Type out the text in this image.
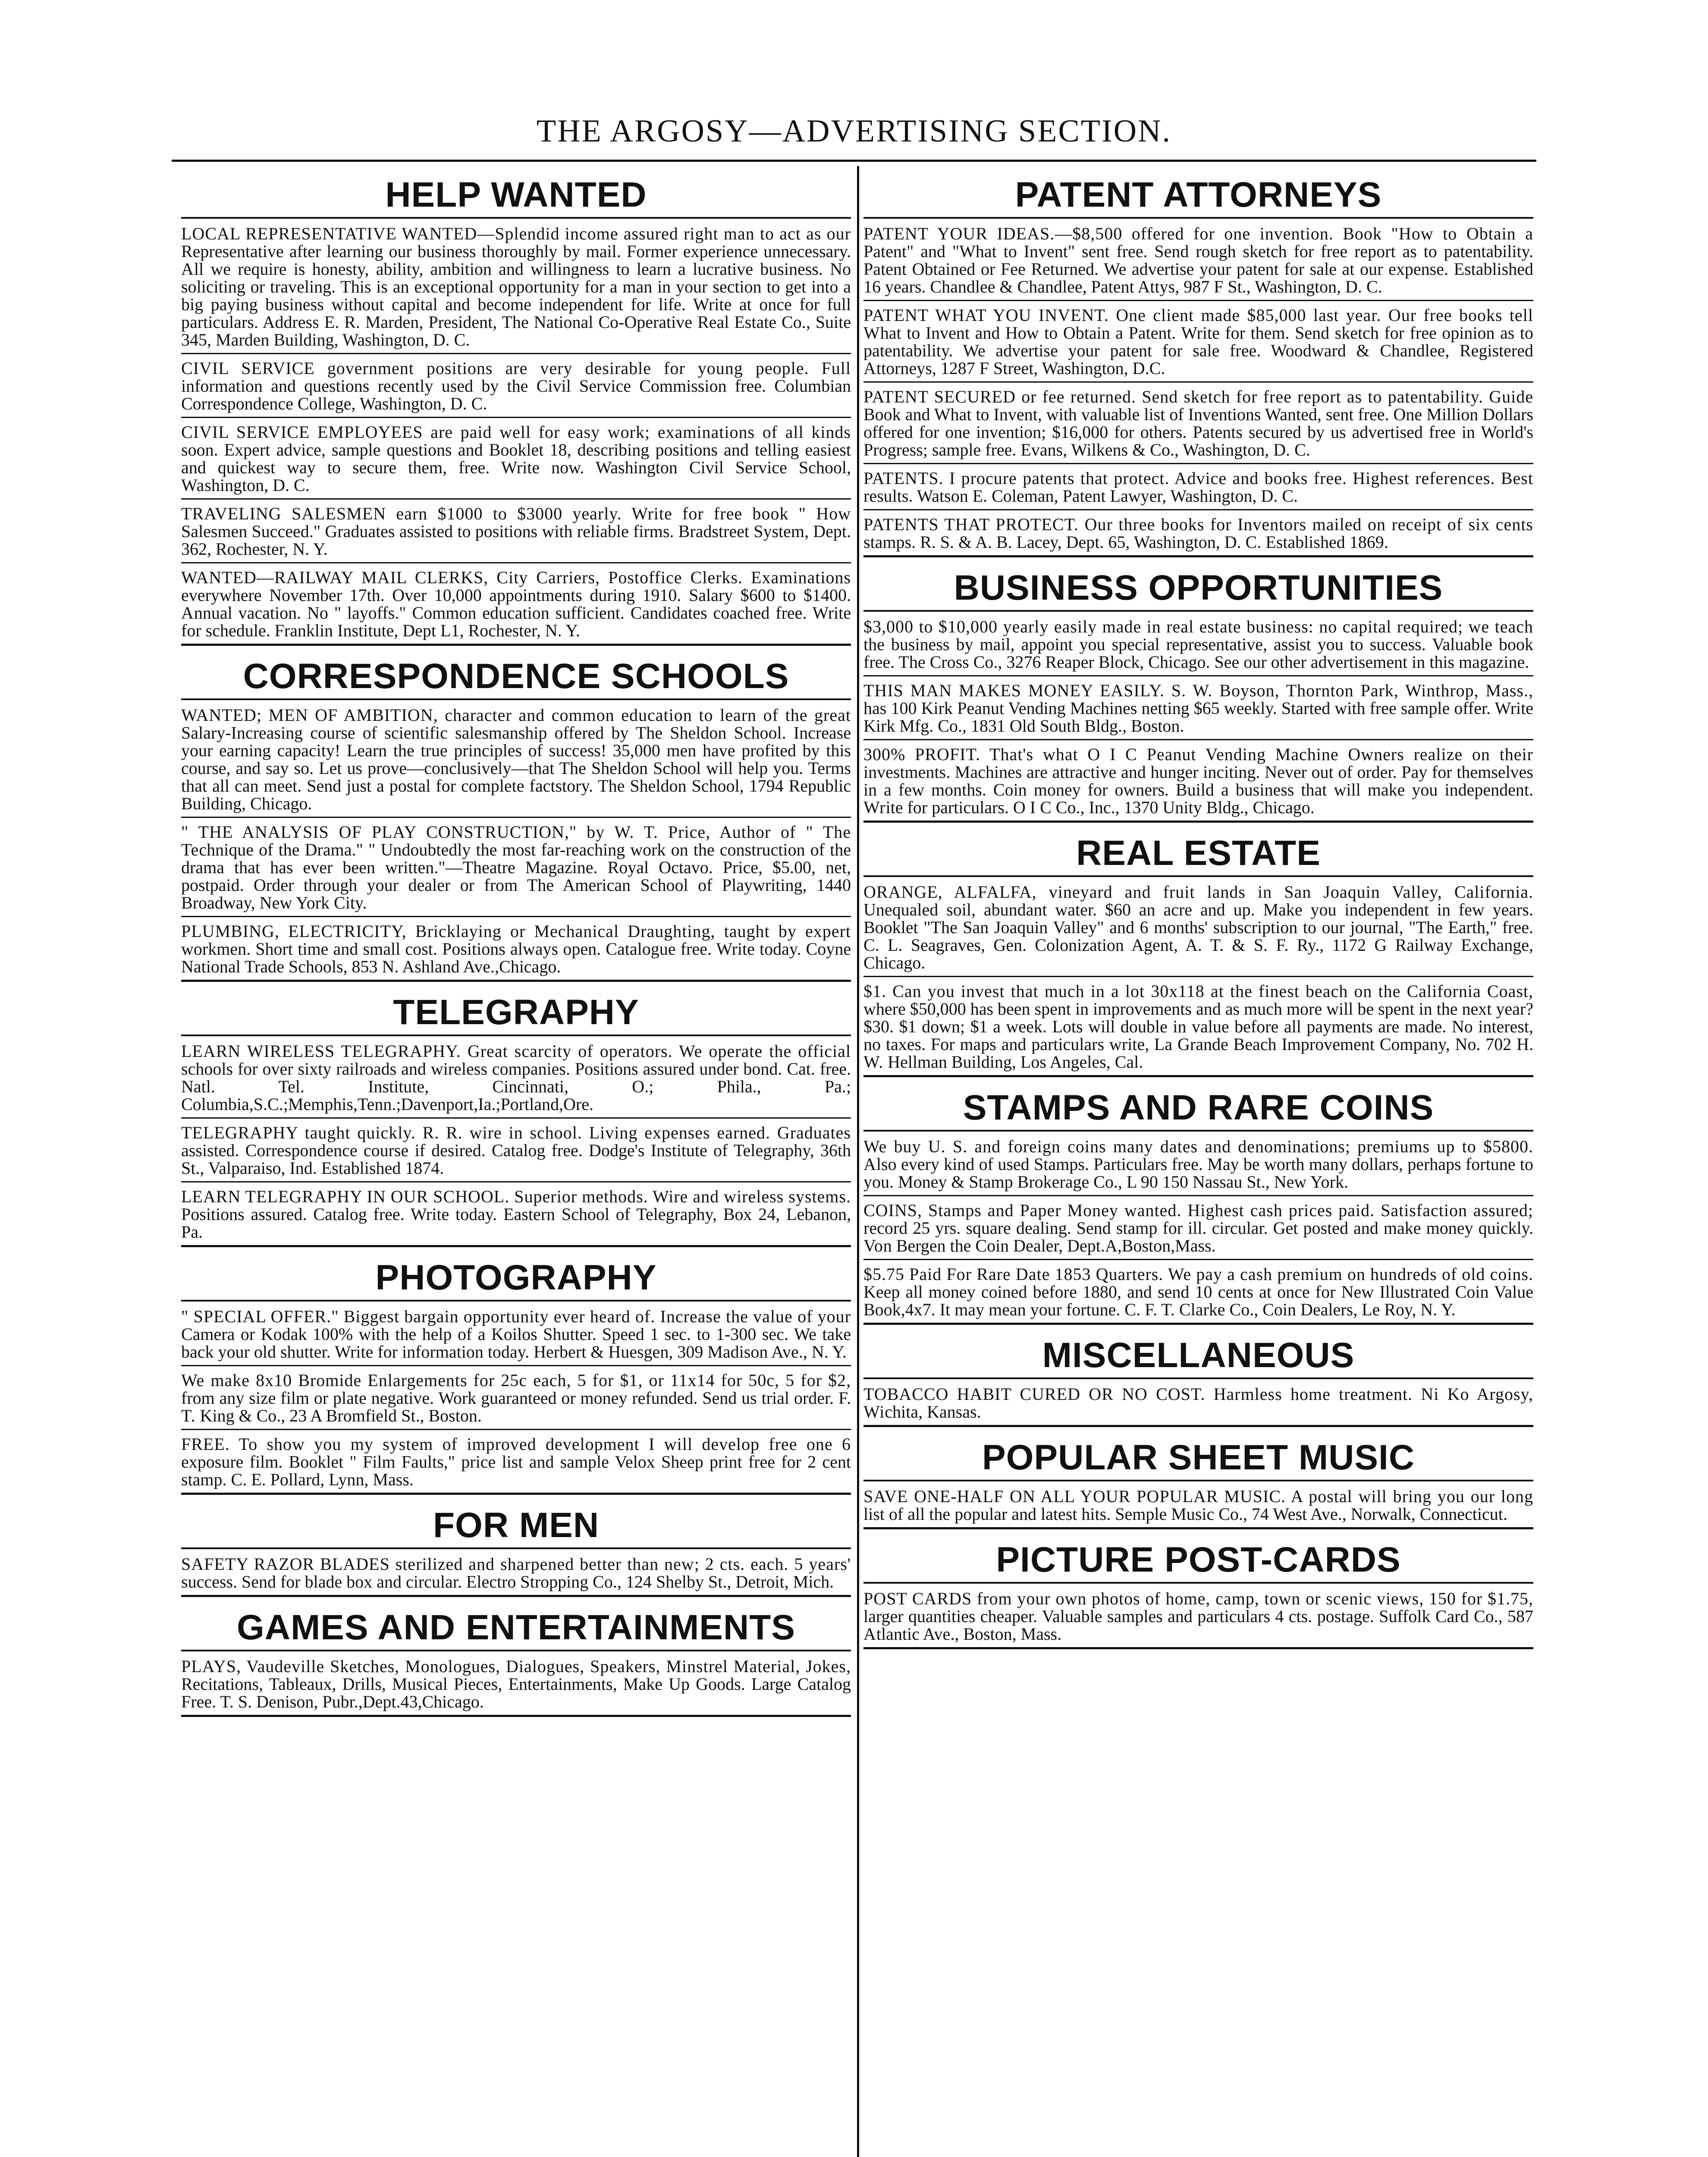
THE ARGOSY—ADVERTISING SECTION.
HELP WANTED
LOCAL REPRESENTATIVE WANTED—Splendid income assured right man to act as our Representative after learning our business thoroughly by mail. Former experience unnecessary. All we require is honesty, ability, ambition and willingness to learn a lucrative business. No soliciting or traveling. This is an exceptional opportunity for a man in your section to get into a big paying business without capital and become independent for life. Write at once for full particulars. Address E. R. Marden, President, The National Co-Operative Real Estate Co., Suite 345, Marden Building, Washington, D. C.
CIVIL SERVICE government positions are very desirable for young people. Full information and questions recently used by the Civil Service Commission free. Columbian Correspondence College, Washington, D. C.
CIVIL SERVICE EMPLOYEES are paid well for easy work; examinations of all kinds soon. Expert advice, sample questions and Booklet 18, describing positions and telling easiest and quickest way to secure them, free. Write now. Washington Civil Service School, Washington, D. C.
TRAVELING SALESMEN earn $1000 to $3000 yearly. Write for free book " How Salesmen Succeed." Graduates assisted to positions with reliable firms. Bradstreet System, Dept. 362, Rochester, N. Y.
WANTED—RAILWAY MAIL CLERKS, City Carriers, Postoffice Clerks. Examinations everywhere November 17th. Over 10,000 appointments during 1910. Salary $600 to $1400. Annual vacation. No " layoffs." Common education sufficient. Candidates coached free. Write for schedule. Franklin Institute, Dept L1, Rochester, N. Y.
CORRESPONDENCE SCHOOLS
WANTED; MEN OF AMBITION, character and common education to learn of the great Salary-Increasing course of scientific salesmanship offered by The Sheldon School. Increase your earning capacity! Learn the true principles of success! 35,000 men have profited by this course, and say so. Let us prove—conclusively—that The Sheldon School will help you. Terms that all can meet. Send just a postal for complete factstory. The Sheldon School, 1794 Republic Building, Chicago.
" THE ANALYSIS OF PLAY CONSTRUCTION," by W. T. Price, Author of " The Technique of the Drama." " Undoubtedly the most far-reaching work on the construction of the drama that has ever been written."—Theatre Magazine. Royal Octavo. Price, $5.00, net, postpaid. Order through your dealer or from The American School of Playwriting, 1440 Broadway, New York City.
PLUMBING, ELECTRICITY, Bricklaying or Mechanical Draughting, taught by expert workmen. Short time and small cost. Positions always open. Catalogue free. Write today. Coyne National Trade Schools, 853 N. Ashland Ave.,Chicago.
TELEGRAPHY
LEARN WIRELESS TELEGRAPHY. Great scarcity of operators. We operate the official schools for over sixty railroads and wireless companies. Positions assured under bond. Cat. free. Natl. Tel. Institute, Cincinnati, O.; Phila., Pa.; Columbia,S.C.;Memphis,Tenn.;Davenport,Ia.;Portland,Ore.
TELEGRAPHY taught quickly. R. R. wire in school. Living expenses earned. Graduates assisted. Correspondence course if desired. Catalog free. Dodge's Institute of Telegraphy, 36th St., Valparaiso, Ind. Established 1874.
LEARN TELEGRAPHY IN OUR SCHOOL. Superior methods. Wire and wireless systems. Positions assured. Catalog free. Write today. Eastern School of Telegraphy, Box 24, Lebanon, Pa.
PHOTOGRAPHY
" SPECIAL OFFER." Biggest bargain opportunity ever heard of. Increase the value of your Camera or Kodak 100% with the help of a Koilos Shutter. Speed 1 sec. to 1-300 sec. We take back your old shutter. Write for information today. Herbert & Huesgen, 309 Madison Ave., N. Y.
We make 8x10 Bromide Enlargements for 25c each, 5 for $1, or 11x14 for 50c, 5 for $2, from any size film or plate negative. Work guaranteed or money refunded. Send us trial order. F. T. King & Co., 23 A Bromfield St., Boston.
FREE. To show you my system of improved development I will develop free one 6 exposure film. Booklet " Film Faults," price list and sample Velox Sheep print free for 2 cent stamp. C. E. Pollard, Lynn, Mass.
FOR MEN
SAFETY RAZOR BLADES sterilized and sharpened better than new; 2 cts. each. 5 years' success. Send for blade box and circular. Electro Stropping Co., 124 Shelby St., Detroit, Mich.
GAMES AND ENTERTAINMENTS
PLAYS, Vaudeville Sketches, Monologues, Dialogues, Speakers, Minstrel Material, Jokes, Recitations, Tableaux, Drills, Musical Pieces, Entertainments, Make Up Goods. Large Catalog Free. T. S. Denison, Pubr.,Dept.43,Chicago.
PATENT ATTORNEYS
PATENT YOUR IDEAS.—$8,500 offered for one invention. Book "How to Obtain a Patent" and "What to Invent" sent free. Send rough sketch for free report as to patentability. Patent Obtained or Fee Returned. We advertise your patent for sale at our expense. Established 16 years. Chandlee & Chandlee, Patent Attys, 987 F St., Washington, D. C.
PATENT WHAT YOU INVENT. One client made $85,000 last year. Our free books tell What to Invent and How to Obtain a Patent. Write for them. Send sketch for free opinion as to patentability. We advertise your patent for sale free. Woodward & Chandlee, Registered Attorneys, 1287 F Street, Washington, D.C.
PATENT SECURED or fee returned. Send sketch for free report as to patentability. Guide Book and What to Invent, with valuable list of Inventions Wanted, sent free. One Million Dollars offered for one invention; $16,000 for others. Patents secured by us advertised free in World's Progress; sample free. Evans, Wilkens & Co., Washington, D. C.
PATENTS. I procure patents that protect. Advice and books free. Highest references. Best results. Watson E. Coleman, Patent Lawyer, Washington, D. C.
PATENTS THAT PROTECT. Our three books for Inventors mailed on receipt of six cents stamps. R. S. & A. B. Lacey, Dept. 65, Washington, D. C. Established 1869.
BUSINESS OPPORTUNITIES
$3,000 to $10,000 yearly easily made in real estate business: no capital required; we teach the business by mail, appoint you special representative, assist you to success. Valuable book free. The Cross Co., 3276 Reaper Block, Chicago. See our other advertisement in this magazine.
THIS MAN MAKES MONEY EASILY. S. W. Boyson, Thornton Park, Winthrop, Mass., has 100 Kirk Peanut Vending Machines netting $65 weekly. Started with free sample offer. Write Kirk Mfg. Co., 1831 Old South Bldg., Boston.
300% PROFIT. That's what O I C Peanut Vending Machine Owners realize on their investments. Machines are attractive and hunger inciting. Never out of order. Pay for themselves in a few months. Coin money for owners. Build a business that will make you independent. Write for particulars. O I C Co., Inc., 1370 Unity Bldg., Chicago.
REAL ESTATE
ORANGE, ALFALFA, vineyard and fruit lands in San Joaquin Valley, California. Unequaled soil, abundant water. $60 an acre and up. Make you independent in few years. Booklet "The San Joaquin Valley" and 6 months' subscription to our journal, "The Earth," free. C. L. Seagraves, Gen. Colonization Agent, A. T. & S. F. Ry., 1172 G Railway Exchange, Chicago.
$1. Can you invest that much in a lot 30x118 at the finest beach on the California Coast, where $50,000 has been spent in improvements and as much more will be spent in the next year? $30. $1 down; $1 a week. Lots will double in value before all payments are made. No interest, no taxes. For maps and particulars write, La Grande Beach Improvement Company, No. 702 H. W. Hellman Building, Los Angeles, Cal.
STAMPS AND RARE COINS
We buy U. S. and foreign coins many dates and denominations; premiums up to $5800. Also every kind of used Stamps. Particulars free. May be worth many dollars, perhaps fortune to you. Money & Stamp Brokerage Co., L 90 150 Nassau St., New York.
COINS, Stamps and Paper Money wanted. Highest cash prices paid. Satisfaction assured; record 25 yrs. square dealing. Send stamp for ill. circular. Get posted and make money quickly. Von Bergen the Coin Dealer, Dept.A,Boston,Mass.
$5.75 Paid For Rare Date 1853 Quarters. We pay a cash premium on hundreds of old coins. Keep all money coined before 1880, and send 10 cents at once for New Illustrated Coin Value Book,4x7. It may mean your fortune. C. F. T. Clarke Co., Coin Dealers, Le Roy, N. Y.
MISCELLANEOUS
TOBACCO HABIT CURED OR NO COST. Harmless home treatment. Ni Ko Argosy, Wichita, Kansas.
POPULAR SHEET MUSIC
SAVE ONE-HALF ON ALL YOUR POPULAR MUSIC. A postal will bring you our long list of all the popular and latest hits. Semple Music Co., 74 West Ave., Norwalk, Connecticut.
PICTURE POST-CARDS
POST CARDS from your own photos of home, camp, town or scenic views, 150 for $1.75, larger quantities cheaper. Valuable samples and particulars 4 cts. postage. Suffolk Card Co., 587 Atlantic Ave., Boston, Mass.
